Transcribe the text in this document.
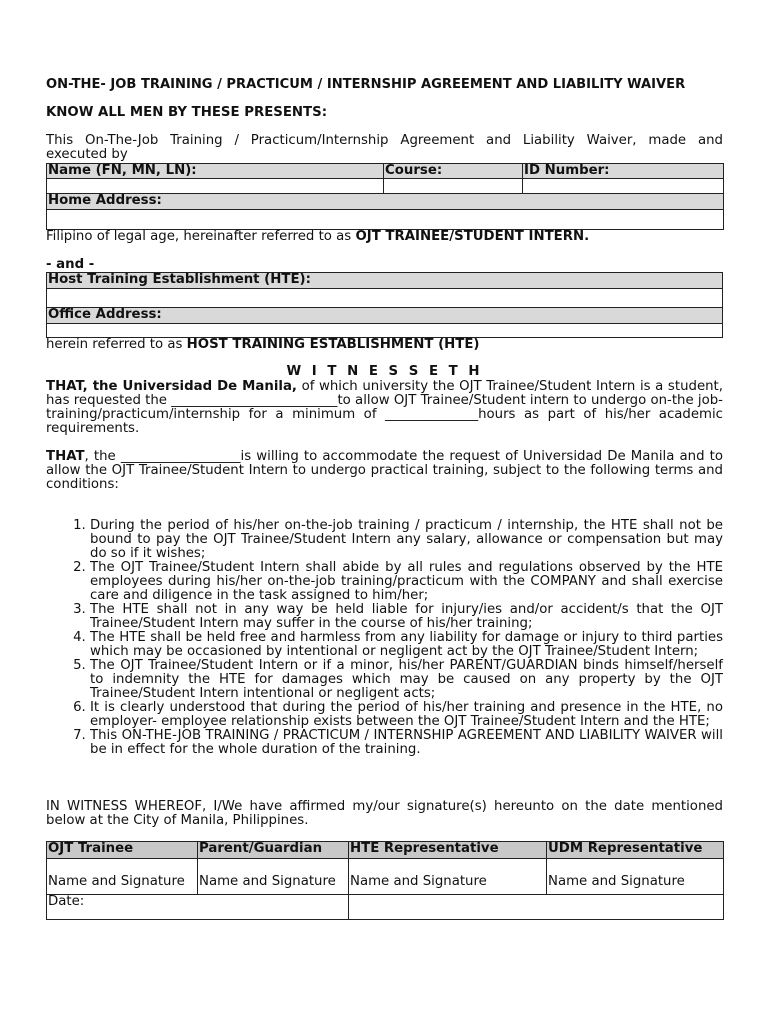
ON-THE- JOB TRAINING / PRACTICUM / INTERNSHIP AGREEMENT AND LIABILITY WAIVER
KNOW ALL MEN BY THESE PRESENTS:
This On-The-Job Training / Practicum/Internship Agreement and Liability Waiver, made and
executed by
Name (FN, MN, LN):	Course:	ID Number:

Home Address:		

Filipino of legal age, hereinafter referred to as OJT TRAINEE/STUDENT INTERN.
- and -
Host Training Establishment (HTE):

Office Address:

herein referred to as HOST TRAINING ESTABLISHMENT (HTE)
W I T N E S S E T H
THAT, the Universidad De Manila, of which university the OJT Trainee/Student Intern is a student, has requested the _________________________to allow OJT Trainee/Student intern to undergo on-the job-training/practicum/internship for a minimum of ______________hours as part of his/her academic requirements.
THAT, the __________________is willing to accommodate the request of Universidad De Manila and to allow the OJT Trainee/Student Intern to undergo practical training, subject to the following terms and conditions:
1. During the period of his/her on-the-job training / practicum / internship, the HTE shall not be bound to pay the OJT Trainee/Student Intern any salary, allowance or compensation but may do so if it wishes;
2. The OJT Trainee/Student Intern shall abide by all rules and regulations observed by the HTE employees during his/her on-the-job training/practicum with the COMPANY and shall exercise care and diligence in the task assigned to him/her;
3. The HTE shall not in any way be held liable for injury/ies and/or accident/s that the OJT Trainee/Student Intern may suffer in the course of his/her training;
4. The HTE shall be held free and harmless from any liability for damage or injury to third parties which may be occasioned by intentional or negligent act by the OJT Trainee/Student Intern;
5. The OJT Trainee/Student Intern or if a minor, his/her PARENT/GUARDIAN binds himself/herself to indemnity the HTE for damages which may be caused on any property by the OJT Trainee/Student Intern intentional or negligent acts;
6. It is clearly understood that during the period of his/her training and presence in the HTE, no employer- employee relationship exists between the OJT Trainee/Student Intern and the HTE;
7. This ON-THE-JOB TRAINING / PRACTICUM / INTERNSHIP AGREEMENT AND LIABILITY WAIVER will be in effect for the whole duration of the training.
IN WITNESS WHEREOF, I/We have affirmed my/our signature(s) hereunto on the date mentioned below at the City of Manila, Philippines.
OJT Trainee	Parent/Guardian	HTE Representative	UDM Representative
Name and Signature	Name and Signature	Name and Signature	Name and Signature
Date:			
